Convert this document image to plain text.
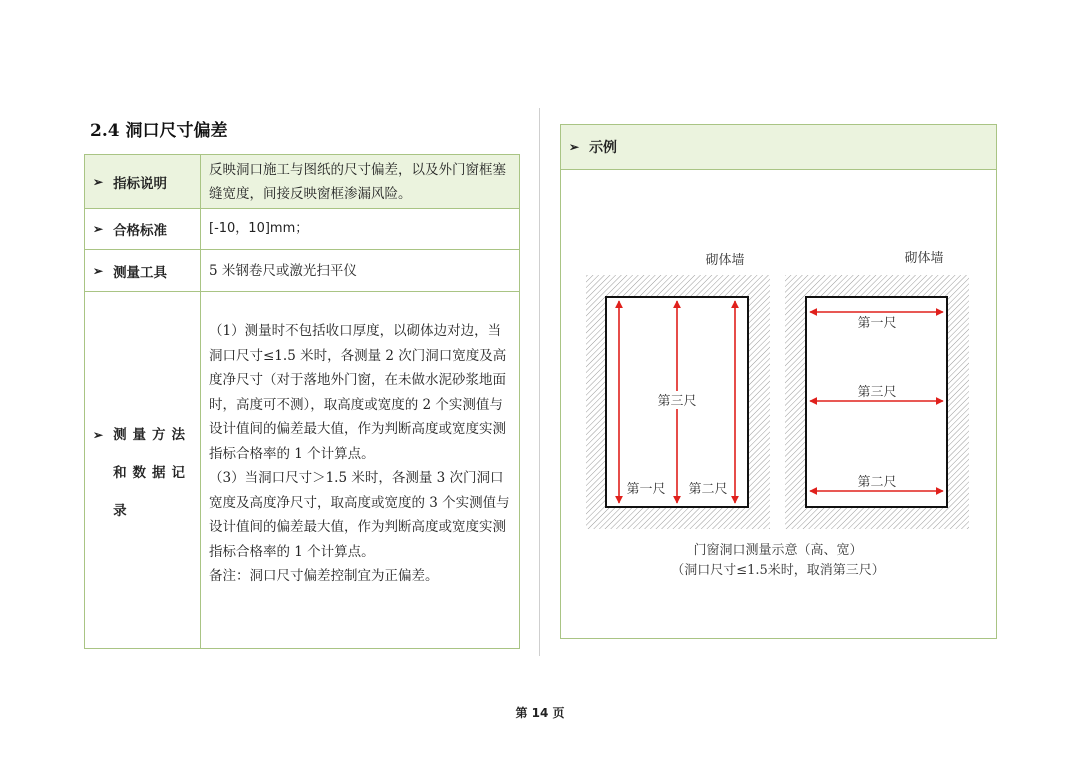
2.4 洞口尺寸偏差
➢ 指标说明
反映洞口施工与图纸的尺寸偏差，以及外门窗框塞缝宽度，间接反映窗框渗漏风险。
➢ 合格标准	[-10，10]mm；
➢ 测量工具	5 米钢卷尺或激光扫平仪
➢ 测量方法
和数据记
录
（1）测量时不包括收口厚度，以砌体边对边，当洞口尺寸≤1.5 米时，各测量 2 次门洞口宽度及高度净尺寸（对于落地外门窗，在未做水泥砂浆地面时，高度可不测），取高度或宽度的 2 个实测值与设计值间的偏差最大值，作为判断高度或宽度实测指标合格率的 1 个计算点。
（3）当洞口尺寸＞1.5 米时，各测量 3 次门洞口宽度及高度净尺寸，取高度或宽度的 3 个实测值与设计值间的偏差最大值，作为判断高度或宽度实测指标合格率的 1 个计算点。
备注：洞口尺寸偏差控制宜为正偏差。
➢ 示例
砌体墙
第三尺
第一尺 第二尺
砌体墙
第一尺
第三尺
第二尺
门窗洞口测量示意（高、宽）
（洞口尺寸≤1.5米时，取消第三尺）
第 14 页
